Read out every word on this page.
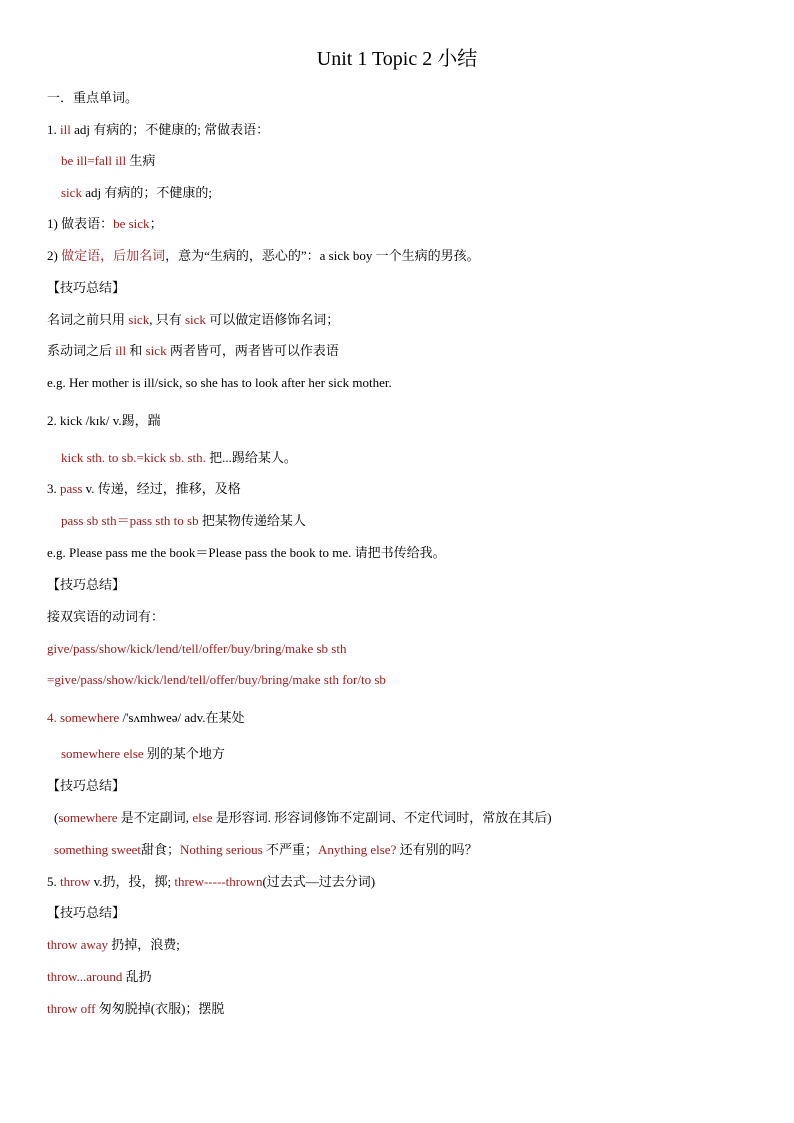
Unit 1 Topic 2 小结
一．重点单词。
1. ill adj 有病的；不健康的; 常做表语：
be ill=fall ill 生病
sick adj 有病的；不健康的;
1) 做表语：be sick；
2) 做定语，后加名词，意为“生病的，恶心的”：a sick boy 一个生病的男孩。
【技巧总结】
名词之前只用 sick, 只有 sick 可以做定语修饰名词；
系动词之后 ill 和 sick 两者皆可，两者皆可以作表语
e.g. Her mother is ill/sick, so she has to look after her sick mother.
2. kick /kɪk/ v.踢，踹
kick sth. to sb.=kick sb. sth. 把...踢给某人。
3. pass v. 传递，经过，推移，及格
pass sb sth＝pass sth to sb 把某物传递给某人
e.g. Please pass me the book＝Please pass the book to me. 请把书传给我。
【技巧总结】
接双宾语的动词有：
give/pass/show/kick/lend/tell/offer/buy/bring/make sb sth
=give/pass/show/kick/lend/tell/offer/buy/bring/make sth for/to sb
4. somewhere /'sʌmhweə/ adv.在某处
somewhere else 别的某个地方
【技巧总结】
(somewhere 是不定副词, else 是形容词. 形容词修饰不定副词、不定代词时，常放在其后)
something sweet甜食；Nothing serious 不严重；Anything else? 还有别的吗？
5. throw v.扔，投，掷; threw-----thrown(过去式—过去分词)
【技巧总结】
throw away 扔掉，浪费;
throw...around 乱扔
throw off 匆匆脱掉(衣服)；摆脱
